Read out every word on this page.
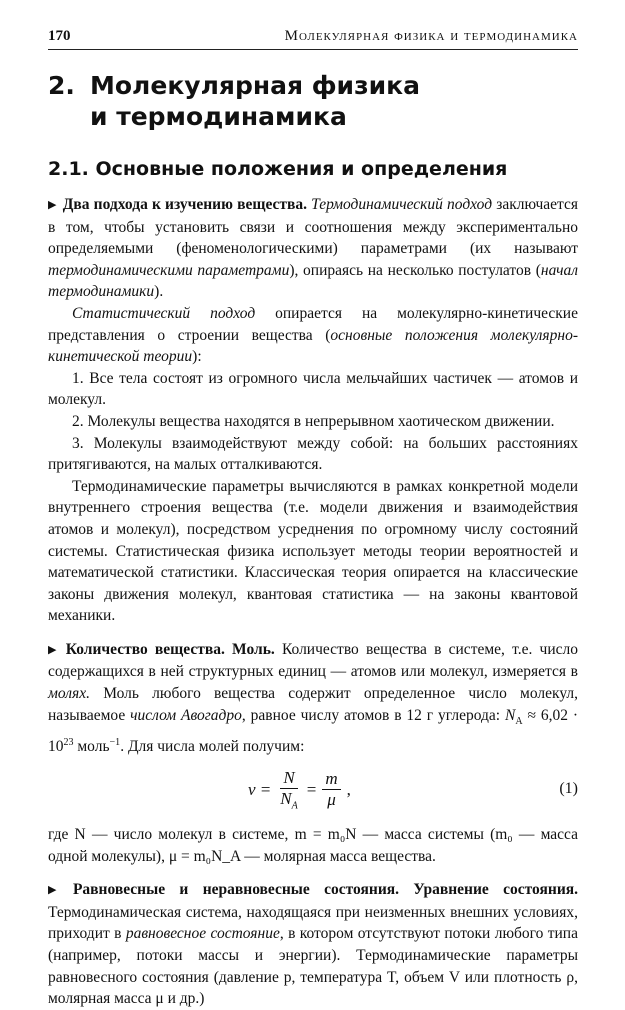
170	Молекулярная физика и термодинамика
2. Молекулярная физика
и термодинамика
2.1. Основные положения и определения

▶ Два подхода к изучению вещества. Термодинамический подход заключается в том, чтобы установить связи и соотношения между экспериментально определяемыми (феноменологическими) параметрами (их называют термодинамическими параметрами), опираясь на несколько постулатов (начал термодинамики).

Статистический подход опирается на молекулярно-кинетические представления о строении вещества (основные положения молекулярно-кинетической теории):

1. Все тела состоят из огромного числа мельчайших частичек — атомов и молекул.

2. Молекулы вещества находятся в непрерывном хаотическом движении.

3. Молекулы взаимодействуют между собой: на больших расстояниях притягиваются, на малых отталкиваются.

Термодинамические параметры вычисляются в рамках конкретной модели внутреннего строения вещества (т.е. модели движения и взаимодействия атомов и молекул), посредством усреднения по огромному числу состояний системы. Статистическая физика использует методы теории вероятностей и математической статистики. Классическая теория опирается на классические законы движения молекул, квантовая статистика — на законы квантовой механики.

▶ Количество вещества. Моль. Количество вещества в системе, т.е. число содержащихся в ней структурных единиц — атомов или молекул, измеряется в молях. Моль любого вещества содержит определенное число молекул, называемое числом Авогадро, равное числу атомов в 12 г углерода: $N_A \approx 6,02 \cdot 10^{23}$ моль$^{-1}$. Для числа молей получим:

$\nu = \frac{N}{N_A} = \frac{m}{\mu}$ ,	(1)

где N — число молекул в системе, m = m₀N — масса системы (m₀ — масса одной молекулы), μ = m₀N_A — молярная масса вещества.

▶ Равновесные и неравновесные состояния. Уравнение состояния. Термодинамическая система, находящаяся при неизменных внешних условиях, приходит в равновесное состояние, в котором отсутствуют потоки любого типа (например, потоки массы и энергии). Термодинамические параметры равновесного состояния (давление p, температура T, объем V или плотность ρ, молярная масса μ и др.)
